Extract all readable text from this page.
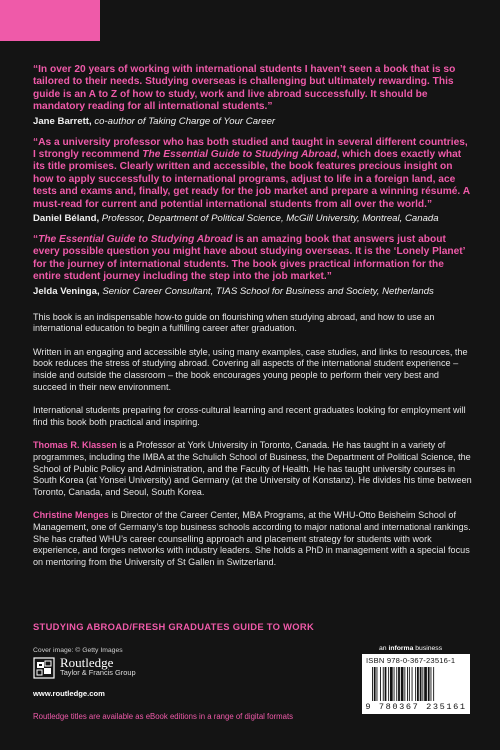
“In over 20 years of working with international students I haven’t seen a book that is so tailored to their needs. Studying overseas is challenging but ultimately rewarding. This guide is an A to Z of how to study, work and live abroad successfully. It should be mandatory reading for all international students.”

Jane Barrett, co-author of Taking Charge of Your Career

“As a university professor who has both studied and taught in several different countries, I strongly recommend The Essential Guide to Studying Abroad, which does exactly what its title promises. Clearly written and accessible, the book features precious insight on how to apply successfully to international programs, adjust to life in a foreign land, ace tests and exams and, finally, get ready for the job market and prepare a winning résumé. A must-read for current and potential international students from all over the world.”

Daniel Béland, Professor, Department of Political Science, McGill University, Montreal, Canada

“The Essential Guide to Studying Abroad is an amazing book that answers just about every possible question you might have about studying overseas. It is the ‘Lonely Planet’ for the journey of international students. The book gives practical information for the entire student journey including the step into the job market.”

Jelda Veninga, Senior Career Consultant, TIAS School for Business and Society, Netherlands

This book is an indispensable how-to guide on flourishing when studying abroad, and how to use an international education to begin a fulfilling career after graduation.

Written in an engaging and accessible style, using many examples, case studies, and links to resources, the book reduces the stress of studying abroad. Covering all aspects of the international student experience – inside and outside the classroom – the book encourages young people to perform their very best and succeed in their new environment.

International students preparing for cross-cultural learning and recent graduates looking for employment will find this book both practical and inspiring.

Thomas R. Klassen is a Professor at York University in Toronto, Canada. He has taught in a variety of programmes, including the IMBA at the Schulich School of Business, the Department of Political Science, the School of Public Policy and Administration, and the Faculty of Health. He has taught university courses in South Korea (at Yonsei University) and Germany (at the University of Konstanz). He divides his time between Toronto, Canada, and Seoul, South Korea.

Christine Menges is Director of the Career Center, MBA Programs, at the WHU-Otto Beisheim School of Management, one of Germany’s top business schools according to major national and international rankings. She has crafted WHU’s career counselling approach and placement strategy for students with work experience, and forges networks with industry leaders. She holds a PhD in management with a special focus on mentoring from the University of St Gallen in Switzerland.

STUDYING ABROAD/FRESH GRADUATES GUIDE TO WORK
Cover image: © Getty Images
Routledge
Taylor & Francis Group
www.routledge.com
Routledge titles are available as eBook editions in a range of digital formats
an informa business
ISBN 978-0-367-23516-1
9 780367 235161
